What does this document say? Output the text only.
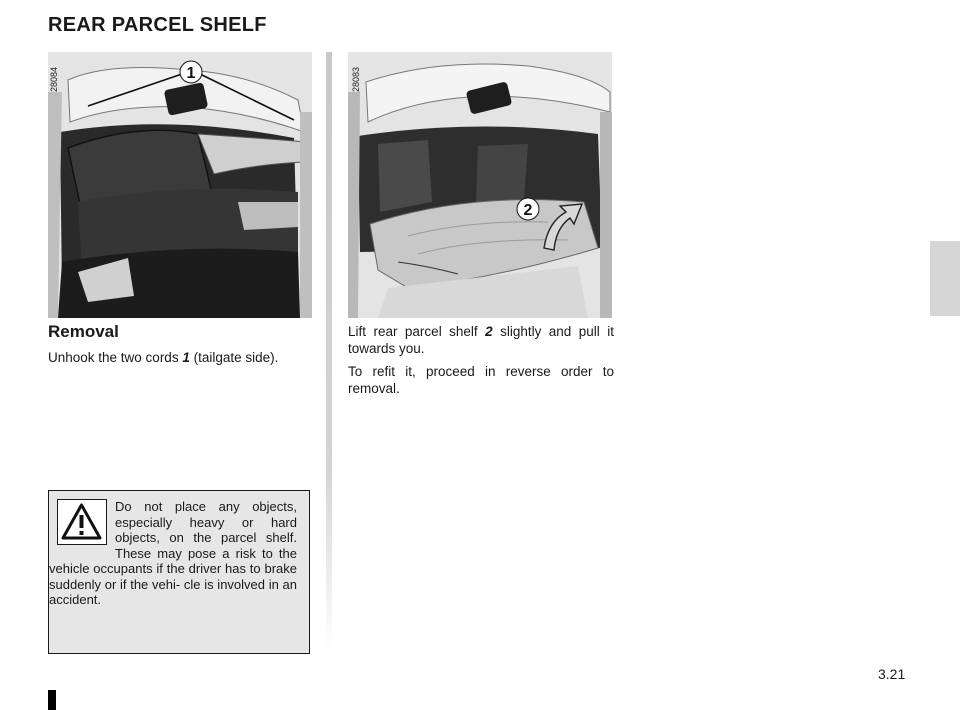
REAR PARCEL SHELF
1
28084
2
28083
Removal
Unhook the two cords 1 (tailgate side).
Lift rear parcel shelf 2 slightly and pull it towards you.
To refit it, proceed in reverse order to removal.
Do not place any objects, especially heavy or hard objects, on the parcel shelf. These may pose a risk to the vehicle occupants if the driver has to brake suddenly or if the vehi- cle is involved in an accident.
3.21
